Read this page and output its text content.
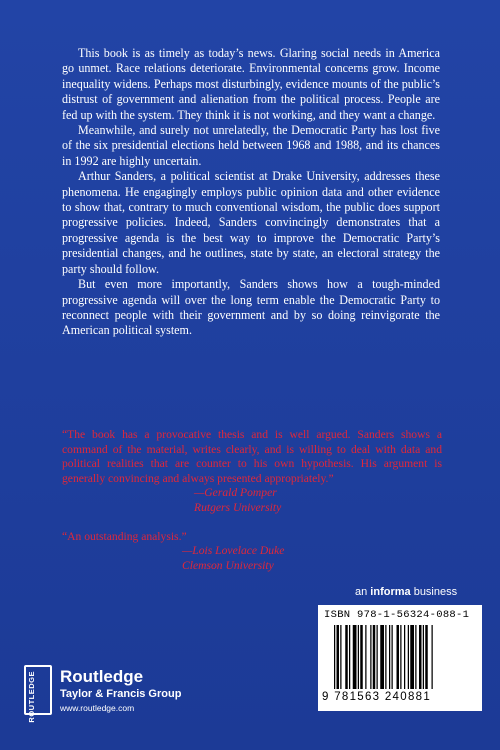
This book is as timely as today’s news. Glaring social needs in America go unmet. Race relations deteriorate. Environmental concerns grow. Income inequality widens. Perhaps most disturbingly, evidence mounts of the public’s distrust of government and alienation from the political process. People are fed up with the system. They think it is not working, and they want a change.

Meanwhile, and surely not unrelatedly, the Democratic Party has lost five of the six presidential elections held between 1968 and 1988, and its chances in 1992 are highly uncertain.

Arthur Sanders, a political scientist at Drake University, addresses these phenomena. He engagingly employs public opinion data and other evidence to show that, contrary to much conventional wisdom, the public does support progressive policies. Indeed, Sanders convincingly demonstrates that a progressive agenda is the best way to improve the Democratic Party’s presidential changes, and he outlines, state by state, an electoral strategy the party should follow.

But even more importantly, Sanders shows how a tough-minded progressive agenda will over the long term enable the Democratic Party to reconnect people with their government and by so doing reinvigorate the American political system.

“The book has a provocative thesis and is well argued. Sanders shows a command of the material, writes clearly, and is willing to deal with data and political realities that are counter to his own hypothesis. His argument is generally convincing and always presented appropriately.”

—Gerald Pomper

Rutgers University

“An outstanding analysis.”

—Lois Lovelace Duke

Clemson University

an informa business
ISBN 978-1-56324-088-1
9 781563 240881
ROUTLEDGE	Routledge
Taylor & Francis Group
www.routledge.com
